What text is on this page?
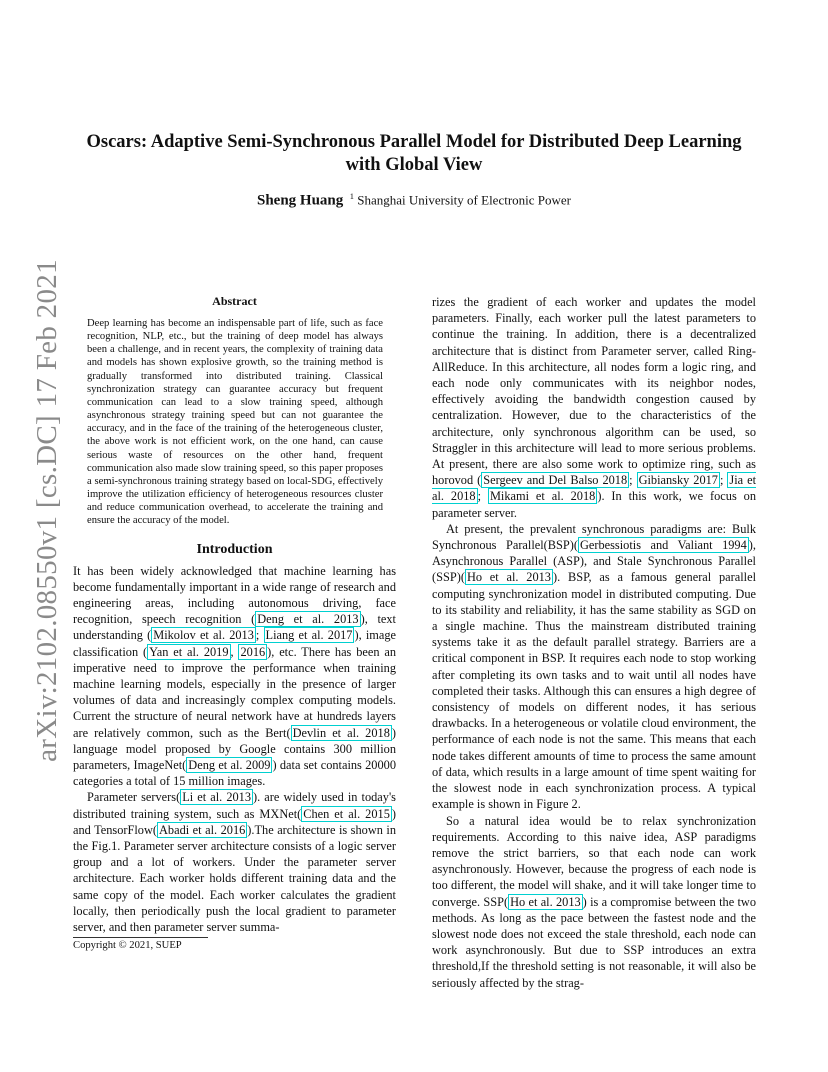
arXiv:2102.08550v1 [cs.DC] 17 Feb 2021
Oscars: Adaptive Semi-Synchronous Parallel Model for Distributed Deep Learning with Global View
Sheng Huang $^1$ Shanghai University of Electronic Power
Abstract
Deep learning has become an indispensable part of life, such as face recognition, NLP, etc., but the training of deep model has always been a challenge, and in recent years, the complexity of training data and models has shown explosive growth, so the training method is gradually transformed into distributed training. Classical synchronization strategy can guarantee accuracy but frequent communication can lead to a slow training speed, although asynchronous strategy training speed but can not guarantee the accuracy, and in the face of the training of the heterogeneous cluster, the above work is not efficient work, on the one hand, can cause serious waste of resources on the other hand, frequent communication also made slow training speed, so this paper proposes a semi-synchronous training strategy based on local-SDG, effectively improve the utilization efficiency of heterogeneous resources cluster and reduce communication overhead, to accelerate the training and ensure the accuracy of the model.
Introduction

It has been widely acknowledged that machine learning has become fundamentally important in a wide range of research and engineering areas, including autonomous driving, face recognition, speech recognition ( Deng et al. 2013 ), text understanding ( Mikolov et al. 2013 ; Liang et al. 2017 ), image classification ( Yan et al. 2019 , 2016 ), etc. There has been an imperative need to improve the performance when training machine learning models, especially in the presence of larger volumes of data and increasingly complex computing models. Current the structure of neural network have at hundreds layers are relatively common, such as the Bert( Devlin et al. 2018 ) language model proposed by Google contains 300 million parameters, ImageNet( Deng et al. 2009 ) data set contains 20000 categories a total of 15 million images.

Parameter servers( Li et al. 2013 ). are widely used in today's distributed training system, such as MXNet( Chen et al. 2015 ) and TensorFlow( Abadi et al. 2016 ).The architecture is shown in the Fig.1. Parameter server architecture consists of a logic server group and a lot of workers. Under the parameter server architecture. Each worker holds different training data and the same copy of the model. Each worker calculates the gradient locally, then periodically push the local gradient to parameter server, and then parameter server summa-

rizes the gradient of each worker and updates the model parameters. Finally, each worker pull the latest parameters to continue the training. In addition, there is a decentralized architecture that is distinct from Parameter server, called Ring-AllReduce. In this architecture, all nodes form a logic ring, and each node only communicates with its neighbor nodes, effectively avoiding the bandwidth congestion caused by centralization. However, due to the characteristics of the architecture, only synchronous algorithm can be used, so Straggler in this architecture will lead to more serious problems. At present, there are also some work to optimize ring, such as horovod ( Sergeev and Del Balso 2018 ; Gibiansky 2017 ; Jia et al. 2018 ; Mikami et al. 2018 ). In this work, we focus on parameter server.

At present, the prevalent synchronous paradigms are: Bulk Synchronous Parallel(BSP)( Gerbessiotis and Valiant 1994 ), Asynchronous Parallel (ASP), and Stale Synchronous Parallel (SSP)( Ho et al. 2013 ). BSP, as a famous general parallel computing synchronization model in distributed computing. Due to its stability and reliability, it has the same stability as SGD on a single machine. Thus the mainstream distributed training systems take it as the default parallel strategy. Barriers are a critical component in BSP. It requires each node to stop working after completing its own tasks and to wait until all nodes have completed their tasks. Although this can ensures a high degree of consistency of models on different nodes, it has serious drawbacks. In a heterogeneous or volatile cloud environment, the performance of each node is not the same. This means that each node takes different amounts of time to process the same amount of data, which results in a large amount of time spent waiting for the slowest node in each synchronization process. A typical example is shown in Figure 2.

So a natural idea would be to relax synchronization requirements. According to this naive idea, ASP paradigms remove the strict barriers, so that each node can work asynchronously. However, because the progress of each node is too different, the model will shake, and it will take longer time to converge. SSP( Ho et al. 2013 ) is a compromise between the two methods. As long as the pace between the fastest node and the slowest node does not exceed the stale threshold, each node can work asynchronously. But due to SSP introduces an extra threshold,If the threshold setting is not reasonable, it will also be seriously affected by the strag-

Copyright © 2021, SUEP
